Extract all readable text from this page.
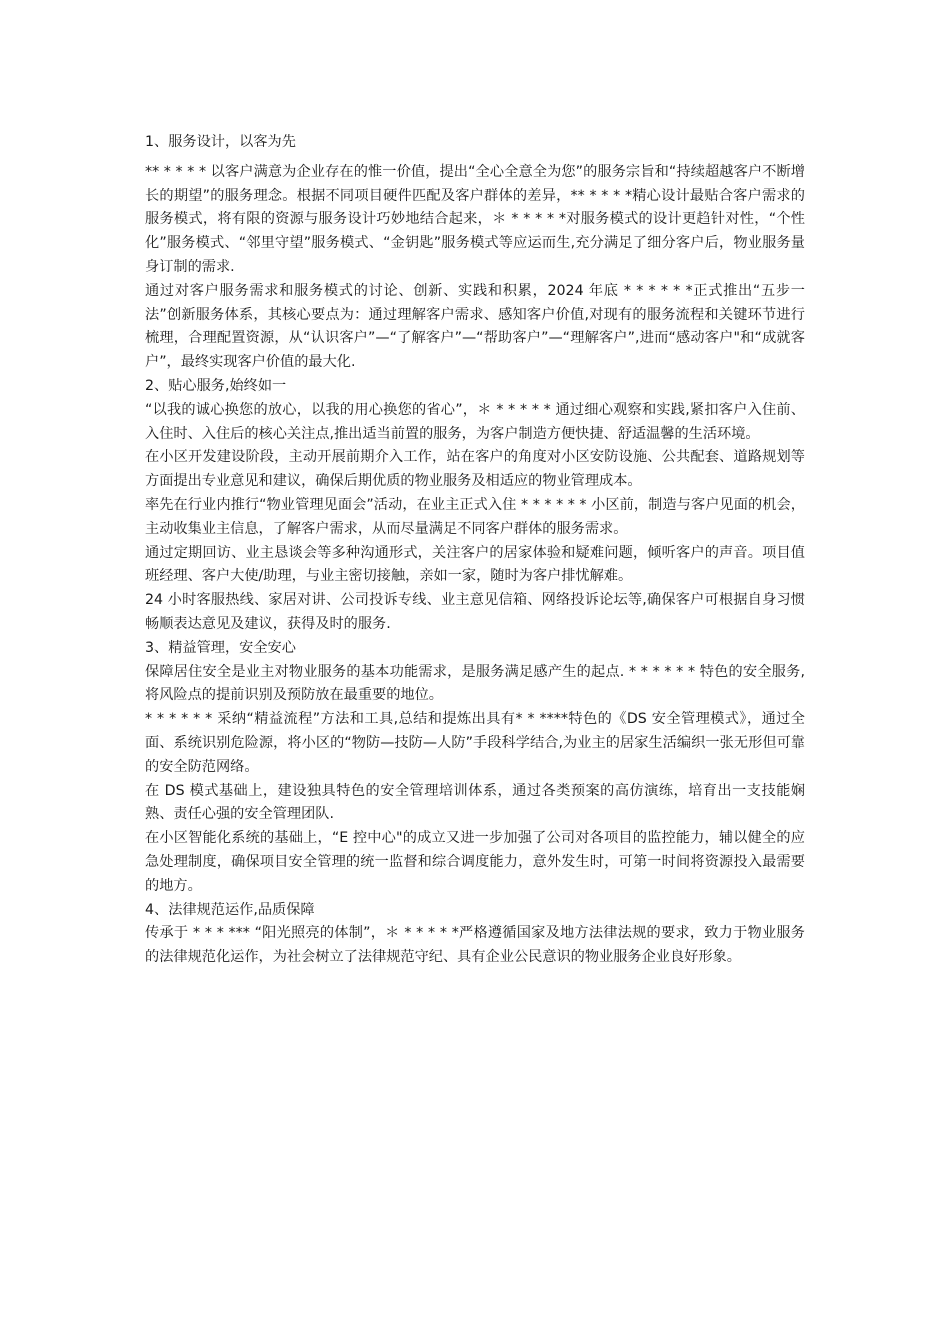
1、服务设计，以客为先

** * * * * 以客户满意为企业存在的惟一价值，提出“全心全意全为您”的服务宗旨和“持续超越客户不断增长的期望”的服务理念。根据不同项目硬件匹配及客户群体的差异，** * * * *精心设计最贴合客户需求的服务模式，将有限的资源与服务设计巧妙地结合起来，＊ * * * * *对服务模式的设计更趋针对性，“个性化”服务模式、“邻里守望”服务模式、“金钥匙”服务模式等应运而生,充分满足了细分客户后，物业服务量身订制的需求.

通过对客户服务需求和服务模式的讨论、创新、实践和积累，2024 年底 * * * * * *正式推出“五步一法”创新服务体系，其核心要点为：通过理解客户需求、感知客户价值,对现有的服务流程和关键环节进行梳理，合理配置资源，从“认识客户”—“了解客户”—“帮助客户”—“理解客户”,进而“感动客户"和“成就客户”，最终实现客户价值的最大化.

2、贴心服务,始终如一

“以我的诚心换您的放心，以我的用心换您的省心”，＊ * * * * * 通过细心观察和实践,紧扣客户入住前、入住时、入住后的核心关注点,推出适当前置的服务，为客户制造方便快捷、舒适温馨的生活环境。

在小区开发建设阶段，主动开展前期介入工作，站在客户的角度对小区安防设施、公共配套、道路规划等方面提出专业意见和建议，确保后期优质的物业服务及相适应的物业管理成本。

率先在行业内推行“物业管理见面会”活动，在业主正式入住 * * * * * * 小区前，制造与客户见面的机会，主动收集业主信息，了解客户需求，从而尽量满足不同客户群体的服务需求。

通过定期回访、业主恳谈会等多种沟通形式，关注客户的居家体验和疑难问题，倾听客户的声音。项目值班经理、客户大使/助理，与业主密切接触，亲如一家，随时为客户排忧解难。

24 小时客服热线、家居对讲、公司投诉专线、业主意见信箱、网络投诉论坛等,确保客户可根据自身习惯畅顺表达意见及建议，获得及时的服务.

3、精益管理，安全安心

保障居住安全是业主对物业服务的基本功能需求，是服务满足感产生的起点. * * * * * * 特色的安全服务,将风险点的提前识别及预防放在最重要的地位。

* * * * * * 采纳“精益流程”方法和工具,总结和提炼出具有* * ****特色的《DS 安全管理模式》，通过全面、系统识别危险源，将小区的“物防—技防—人防”手段科学结合,为业主的居家生活编织一张无形但可靠的安全防范网络。

在 DS 模式基础上，建设独具特色的安全管理培训体系，通过各类预案的高仿演练，培育出一支技能娴熟、责任心强的安全管理团队.

在小区智能化系统的基础上，“E 控中心"的成立又进一步加强了公司对各项目的监控能力，辅以健全的应急处理制度，确保项目安全管理的统一监督和综合调度能力，意外发生时，可第一时间将资源投入最需要的地方。

4、法律规范运作,品质保障

传承于 * * * *** “阳光照亮的体制”，＊ * * * * *严格遵循国家及地方法律法规的要求，致力于物业服务的法律规范化运作，为社会树立了法律规范守纪、具有企业公民意识的物业服务企业良好形象。
